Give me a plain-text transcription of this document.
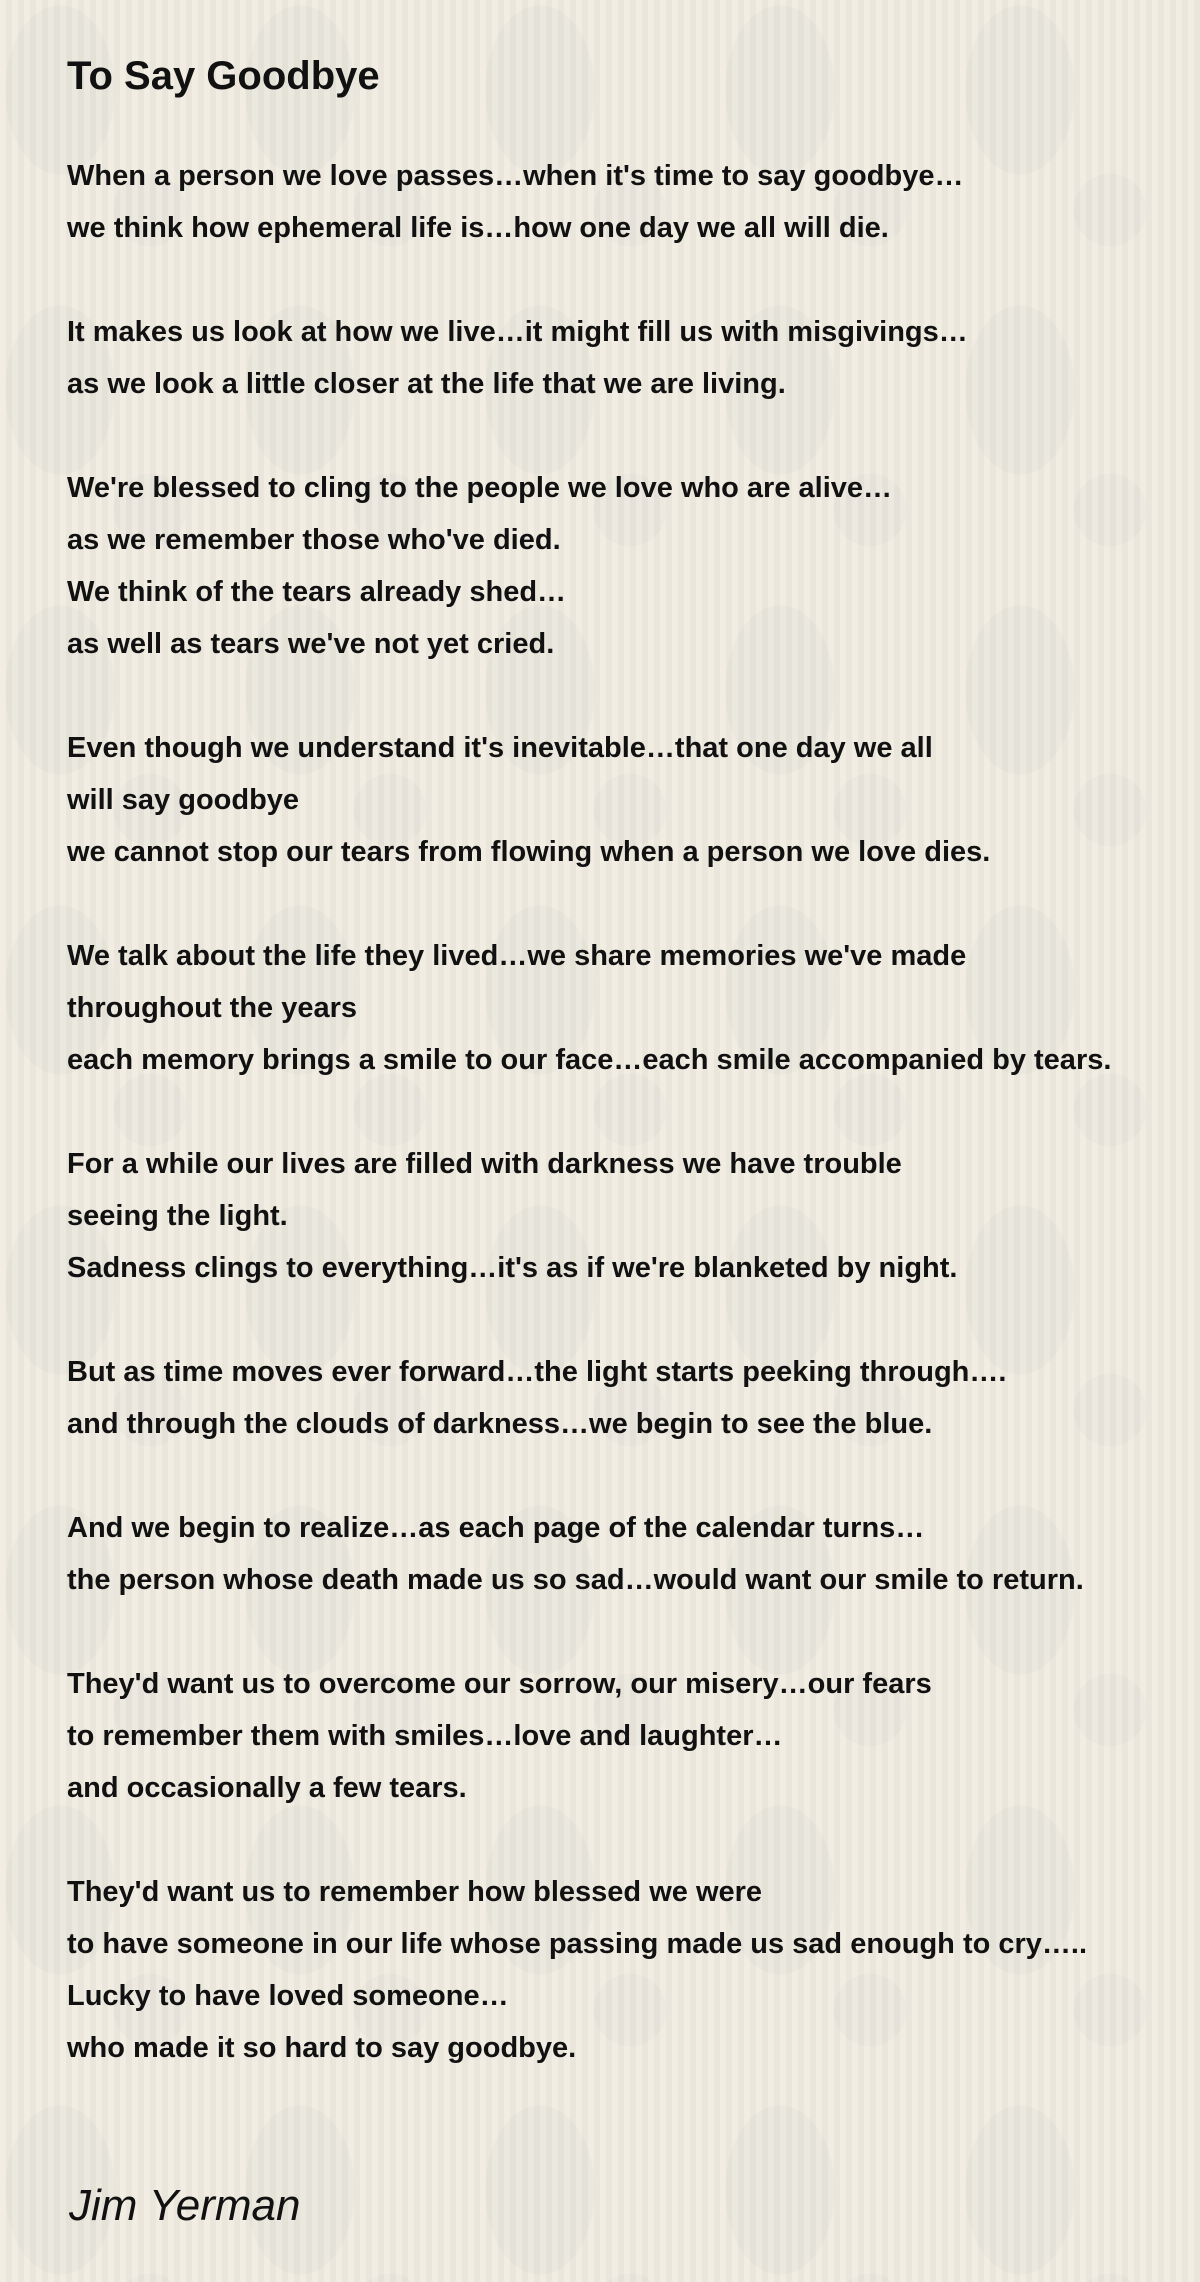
To Say Goodbye
When a person we love passes…when it's time to say goodbye…
we think how ephemeral life is…how one day we all will die.
It makes us look at how we live…it might fill us with misgivings…
as we look a little closer at the life that we are living.
We're blessed to cling to the people we love who are alive…
as we remember those who've died.
We think of the tears already shed…
as well as tears we've not yet cried.
Even though we understand it's inevitable…that one day we all
will say goodbye
we cannot stop our tears from flowing when a person we love dies.
We talk about the life they lived…we share memories we've made
throughout the years
each memory brings a smile to our face…each smile accompanied by tears.
For a while our lives are filled with darkness we have trouble
seeing the light.
Sadness clings to everything…it's as if we're blanketed by night.
But as time moves ever forward…the light starts peeking through….
and through the clouds of darkness…we begin to see the blue.
And we begin to realize…as each page of the calendar turns…
the person whose death made us so sad…would want our smile to return.
They'd want us to overcome our sorrow, our misery…our fears
to remember them with smiles…love and laughter…
and occasionally a few tears.
They'd want us to remember how blessed we were
to have someone in our life whose passing made us sad enough to cry…..
Lucky to have loved someone…
who made it so hard to say goodbye.
Jim Yerman
